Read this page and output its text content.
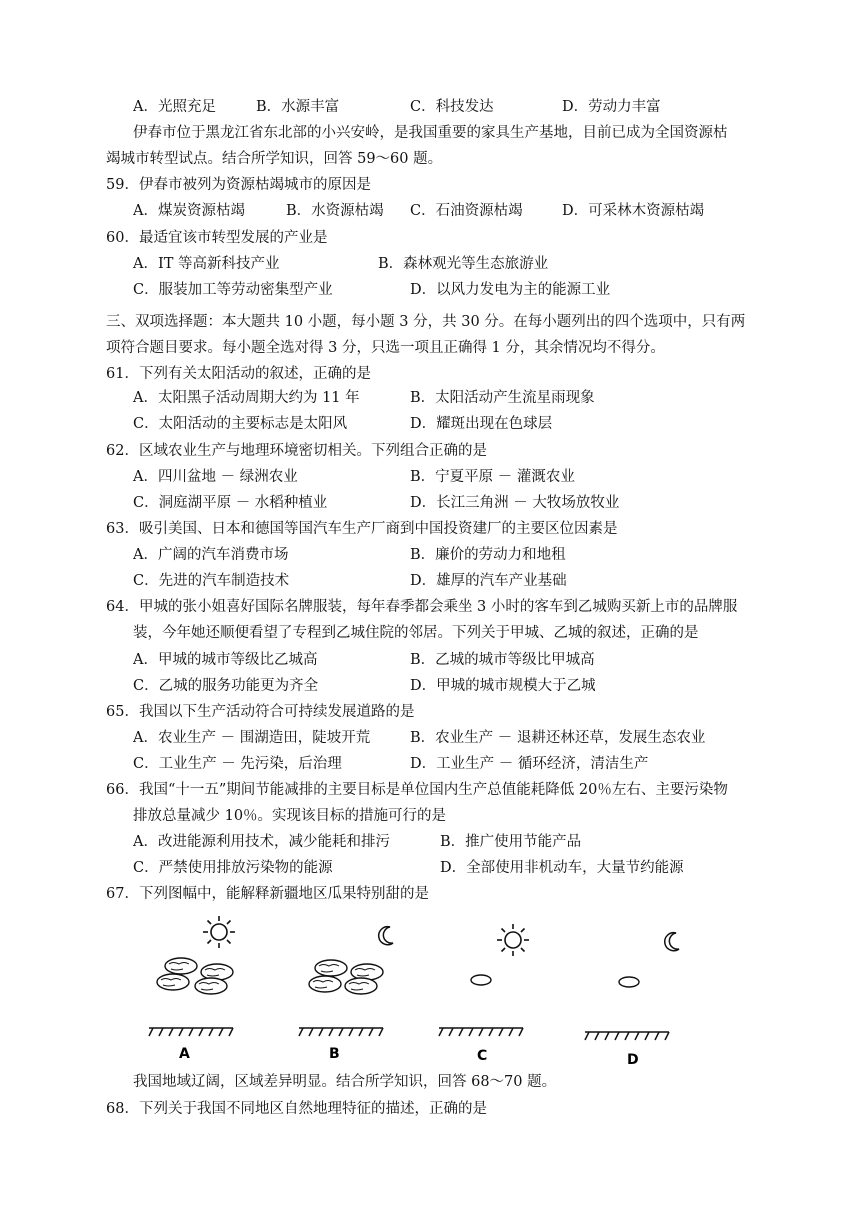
A．光照充足	B．水源丰富	C．科技发达	D．劳动力丰富
伊春市位于黑龙江省东北部的小兴安岭，是我国重要的家具生产基地，目前已成为全国资源枯
竭城市转型试点。结合所学知识，回答 59～60 题。
59．伊春市被列为资源枯竭城市的原因是
A．煤炭资源枯竭	B．水资源枯竭 C．石油资源枯竭	D．可采林木资源枯竭
60．最适宜该市转型发展的产业是
A．IT 等高新科技产业	B．森林观光等生态旅游业
C．服装加工等劳动密集型产业	D．以风力发电为主的能源工业
三、双项选择题：本大题共 10 小题，每小题 3 分，共 30 分。在每小题列出的四个选项中，只有两
项符合题目要求。每小题全选对得 3 分，只选一项且正确得 1 分，其余情况均不得分。
61．下列有关太阳活动的叙述，正确的是
A．太阳黑子活动周期大约为 11 年	B．太阳活动产生流星雨现象
C．太阳活动的主要标志是太阳风	D．耀斑出现在色球层
62．区域农业生产与地理环境密切相关。下列组合正确的是
A．四川盆地 － 绿洲农业	B．宁夏平原 － 灌溉农业
C．洞庭湖平原 － 水稻种植业	D．长江三角洲 － 大牧场放牧业
63．吸引美国、日本和德国等国汽车生产厂商到中国投资建厂的主要区位因素是
A．广阔的汽车消费市场	B．廉价的劳动力和地租
C．先进的汽车制造技术	D．雄厚的汽车产业基础
64．甲城的张小姐喜好国际名牌服装，每年春季都会乘坐 3 小时的客车到乙城购买新上市的品牌服
装，今年她还顺便看望了专程到乙城住院的邻居。下列关于甲城、乙城的叙述，正确的是
A．甲城的城市等级比乙城高	B．乙城的城市等级比甲城高
C．乙城的服务功能更为齐全	D．甲城的城市规模大于乙城
65．我国以下生产活动符合可持续发展道路的是
A．农业生产 － 围湖造田，陡坡开荒	B．农业生产 － 退耕还林还草，发展生态农业
C．工业生产 － 先污染，后治理	D．工业生产 － 循环经济，清洁生产
66．我国“十一五”期间节能减排的主要目标是单位国内生产总值能耗降低 20％左右、主要污染物
排放总量减少 10％。实现该目标的措施可行的是
A．改进能源利用技术，减少能耗和排污	B．推广使用节能产品
C．严禁使用排放污染物的能源	D．全部使用非机动车，大量节约能源
67．下列图幅中，能解释新疆地区瓜果特别甜的是
A	B	C	D
我国地域辽阔，区域差异明显。结合所学知识，回答 68～70 题。
68．下列关于我国不同地区自然地理特征的描述，正确的是
